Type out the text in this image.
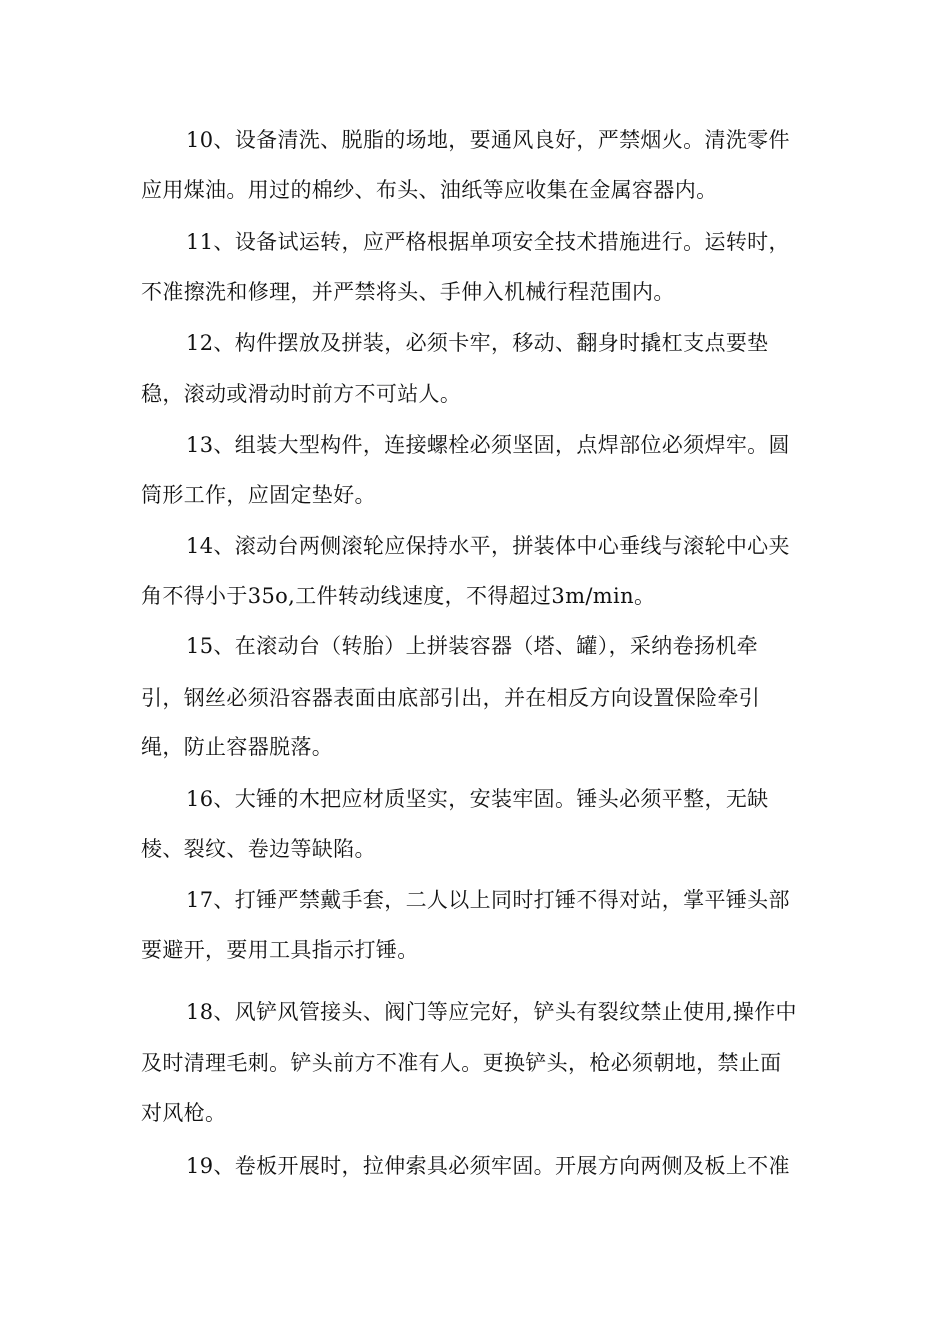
10、设备清洗、脱脂的场地，要通风良好，严禁烟火。清洗零件
应用煤油。用过的棉纱、布头、油纸等应收集在金属容器内。
11、设备试运转，应严格根据单项安全技术措施进行。运转时，
不准擦洗和修理，并严禁将头、手伸入机械行程范围内。
12、构件摆放及拼装，必须卡牢，移动、翻身时撬杠支点要垫
稳，滚动或滑动时前方不可站人。
13、组装大型构件，连接螺栓必须坚固，点焊部位必须焊牢。圆
筒形工作，应固定垫好。
14、滚动台两侧滚轮应保持水平，拼装体中心垂线与滚轮中心夹
角不得小于35o,工件转动线速度，不得超过3m/min。
15、在滚动台（转胎）上拼装容器（塔、罐），采纳卷扬机牵
引，钢丝必须沿容器表面由底部引出，并在相反方向设置保险牵引
绳，防止容器脱落。
16、大锤的木把应材质坚实，安装牢固。锤头必须平整，无缺
棱、裂纹、卷边等缺陷。
17、打锤严禁戴手套，二人以上同时打锤不得对站，掌平锤头部
要避开，要用工具指示打锤。
18、风铲风管接头、阀门等应完好，铲头有裂纹禁止使用,操作中
及时清理毛刺。铲头前方不准有人。更换铲头，枪必须朝地，禁止面
对风枪。
19、卷板开展时，拉伸索具必须牢固。开展方向两侧及板上不准
